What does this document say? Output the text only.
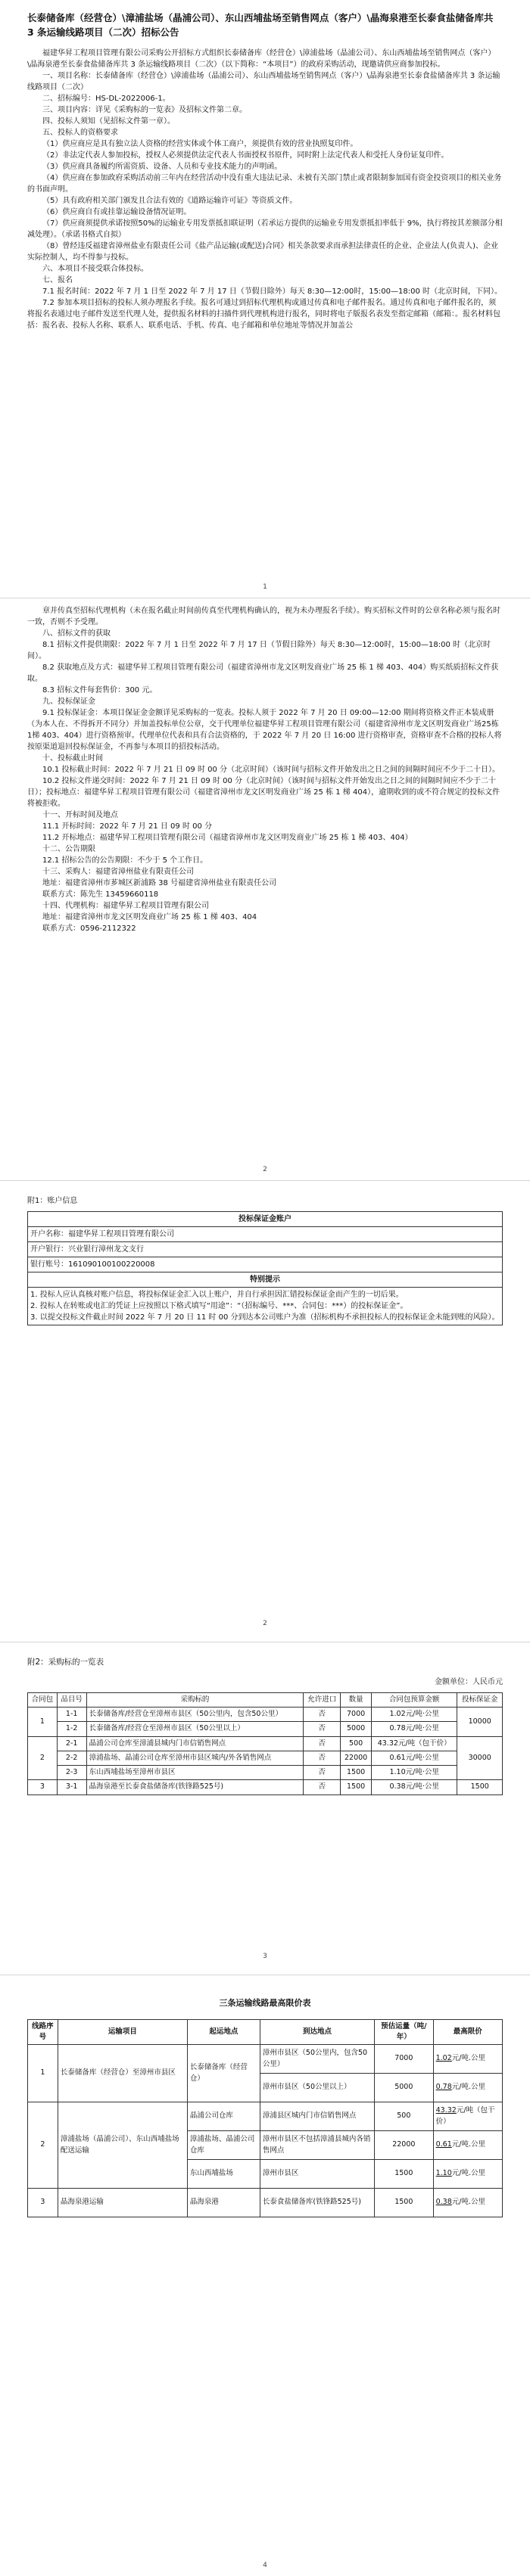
长泰储备库（经营仓）\漳浦盐场（晶浦公司）、东山西埔盐场至销售网点（客户）\晶海泉港至长泰食盐储备库共 3 条运输线路项目（二次）招标公告
福建华昇工程项目管理有限公司采购公开招标方式组织长泰储备库（经营仓）\漳浦盐场（晶浦公司）、东山西埔盐场至销售网点（客户）\晶海泉港至长泰食盐储备库共 3 条运输线路项目（二次）（以下简称：“本项目”）的政府采购活动，现邀请供应商参加投标。
一、项目名称：长泰储备库（经营仓）\漳浦盐场（晶浦公司）、东山西埔盐场至销售网点（客户）\晶海泉港至长泰食盐储备库共 3 条运输线路项目（二次）
二、招标编号：HS-DL-2022006-1。
三、项目内容：详见《采购标的一览表》及招标文件第二章。
四、投标人须知（见招标文件第一章）。
五、投标人的资格要求
（1）供应商应是具有独立法人资格的经营实体或个体工商户，须提供有效的营业执照复印件。
（2）非法定代表人参加投标，授权人必须提供法定代表人书面授权书原件，同时附上法定代表人和受托人身份证复印件。
（3）供应商具备履约所需资质、设备、人员和专业技术能力的声明函。
（4）供应商在参加政府采购活动前三年内在经营活动中没有重大违法记录、未被有关部门禁止或者限制参加国有资金投资项目的相关业务的书面声明。
（5）具有政府相关部门颁发且合法有效的《道路运输许可证》等资质文件。
（6）供应商自有或挂靠运输设备情况证明。
（7）供应商须提供承诺按照50%的运输业专用发票抵扣联证明（若承运方提供的运输业专用发票抵扣率低于 9%，执行将按其差额部分相减处理）。（承诺书格式自拟）
（8）曾经违反福建省漳州盐业有限责任公司《盐产品运输(或配送)合同》相关条款要求而承担法律责任的企业、企业法人(负责人)、企业实际控制人，均不得参与投标。
六、本项目不接受联合体投标。
七、报名
7.1 报名时间：2022 年 7 月 1 日至 2022 年 7 月 17 日（节假日除外）每天 8:30—12:00时，15:00—18:00 时（北京时间，下同）。
7.2 参加本项目招标的投标人须办理报名手续。报名可通过到招标代理机构或通过传真和电子邮件报名。通过传真和电子邮件报名的，须将报名表通过电子邮件发送至代理人处，提供报名材料的扫描件到代理机构进行报名，同时将电子版报名表发至指定邮箱（邮箱：。报名材料包括：报名表、投标人名称、联系人、联系电话、手机、传真、电子邮箱和单位地址等情况并加盖公
1
章并传真至招标代理机构（未在报名截止时间前传真至代理机构确认的，视为未办理报名手续）。购买招标文件时的公章名称必须与报名时一致，否则不予受理。
八、招标文件的获取
8.1 招标文件提供期限：2022 年 7 月 1 日至 2022 年 7 月 17 日（节假日除外）每天 8:30—12:00时，15:00—18:00 时（北京时间）。
8.2 获取地点及方式：福建华昇工程项目管理有限公司（福建省漳州市龙文区明发商业广场 25 栋 1 梯 403、404）购买纸质招标文件获取。
8.3 招标文件每套售价：300 元。
九、投标保证金
9.1 投标保证金：本项目保证金金额详见采购标的一览表。投标人须于 2022 年 7 月 20 日 09:00—12:00 期间将资格文件正本装成册（为本人在、不得拆开不同分）并加盖投标单位公章，交于代理单位福建华昇工程项目管理有限公司（福建省漳州市龙文区明发商业广场25栋1梯 403、404）进行资格预审。代理单位代表和具有合法资格的，于 2022 年 7 月 20 日 16:00 进行资格审查，资格审查不合格的投标人将按原渠道退回投标保证金，不再参与本项目的招投标活动。
十、投标截止时间
10.1 投标截止时间：2022 年 7 月 21 日 09 时 00 分（北京时间）（该时间与招标文件开始发出之日之间的间隔时间应不少于二十日）。
10.2 投标文件递交时间：2022 年 7 月 21 日 09 时 00 分（北京时间）（该时间与招标文件开始发出之日之间的间隔时间应不少于二十日）；投标地点：福建华昇工程项目管理有限公司（福建省漳州市龙文区明发商业广场 25 栋 1 梯 404），逾期收到的或不符合规定的投标文件将被拒收。
十一、开标时间及地点
11.1 开标时间：2022 年 7 月 21 日 09 时 00 分
11.2 开标地点：福建华昇工程项目管理有限公司（福建省漳州市龙文区明发商业广场 25 栋 1 梯 403、404）
十二、公告期限
12.1 招标公告的公告期限：不少于 5 个工作日。
十三、采购人：福建省漳州盐业有限责任公司
地址：福建省漳州市芗城区新浦路 38 号福建省漳州盐业有限责任公司
联系方式：陈先生 13459660118
十四、代理机构：福建华昇工程项目管理有限公司
地址：福建省漳州市龙文区明发商业广场 25 栋 1 梯 403、404
联系方式：0596-2112322
2
附1：账户信息
投标保证金账户
开户名称：福建华昇工程项目管理有限公司
开户银行：兴业银行漳州龙文支行
银行账号：161090100100220008
特别提示

1. 投标人应认真核对账户信息，将投标保证金汇入以上账户，并自行承担因汇错投标保证金而产生的一切后果。
2. 投标人在转账或电汇的凭证上应按照以下格式填写“用途”：“（招标编号、***、合同包：***）的投标保证金”。
3. 以提交投标文件截止时间 2022 年 7 月 20 日 11 时 00 分到达本公司账户为准（招标机构不承担投标人的投标保证金未能到账的风险）。
2
附2：采购标的一览表
金额单位：人民币元
合同包	品目号	采购标的	允许进口	数量	合同包预算金额	投标保证金
1	1-1	长泰储备库/经营仓至漳州市县区（50公里内，包含50公里）	否	7000	1.02元/吨·公里	10000
	1-2	长泰储备库/经营仓至漳州市县区（50公里以上）	否	5000	0.78元/吨·公里	
2	2-1	晶浦公司仓库至漳浦县城内门市信销售网点	否	500	43.32元/吨（包干价）	30000
	2-2	漳浦盐场、晶浦公司仓库至漳州市县区城内/外各销售网点	否	22000	0.61元/吨·公里	
	2-3	东山西埔盐场至漳州市县区	否	1500	1.10元/吨·公里	
3	3-1	晶海泉港至长泰食盐储备库(铁锋路525号)	否	1500	0.38元/吨·公里	1500
3
三条运输线路最高限价表
线路序号	运输项目	起运地点	到达地点	预估运量（吨/年）	最高限价
1	长泰储备库（经营仓）至漳州市县区	长泰储备库（经营仓）	漳州市县区（50公里内，包含50公里）	7000	1.02元/吨.公里
			漳州市县区（50公里以上）	5000	0.78元/吨.公里
2	漳浦盐场（晶浦公司）、东山西埔盐场配送运输	晶浦公司仓库	漳浦县区城内门市信销售网点	500	43.32元/吨（包干价）
		漳浦盐场、晶浦公司仓库	漳州市县区不包括漳浦县城内各销售网点	22000	0.61元/吨.公里
		东山西埔盐场	漳州市县区	1500	1.10元/吨.公里
3	晶海泉港运输	晶海泉港	长泰食盐储备库(铁锋路525号)	1500	0.38元/吨.公里
4
